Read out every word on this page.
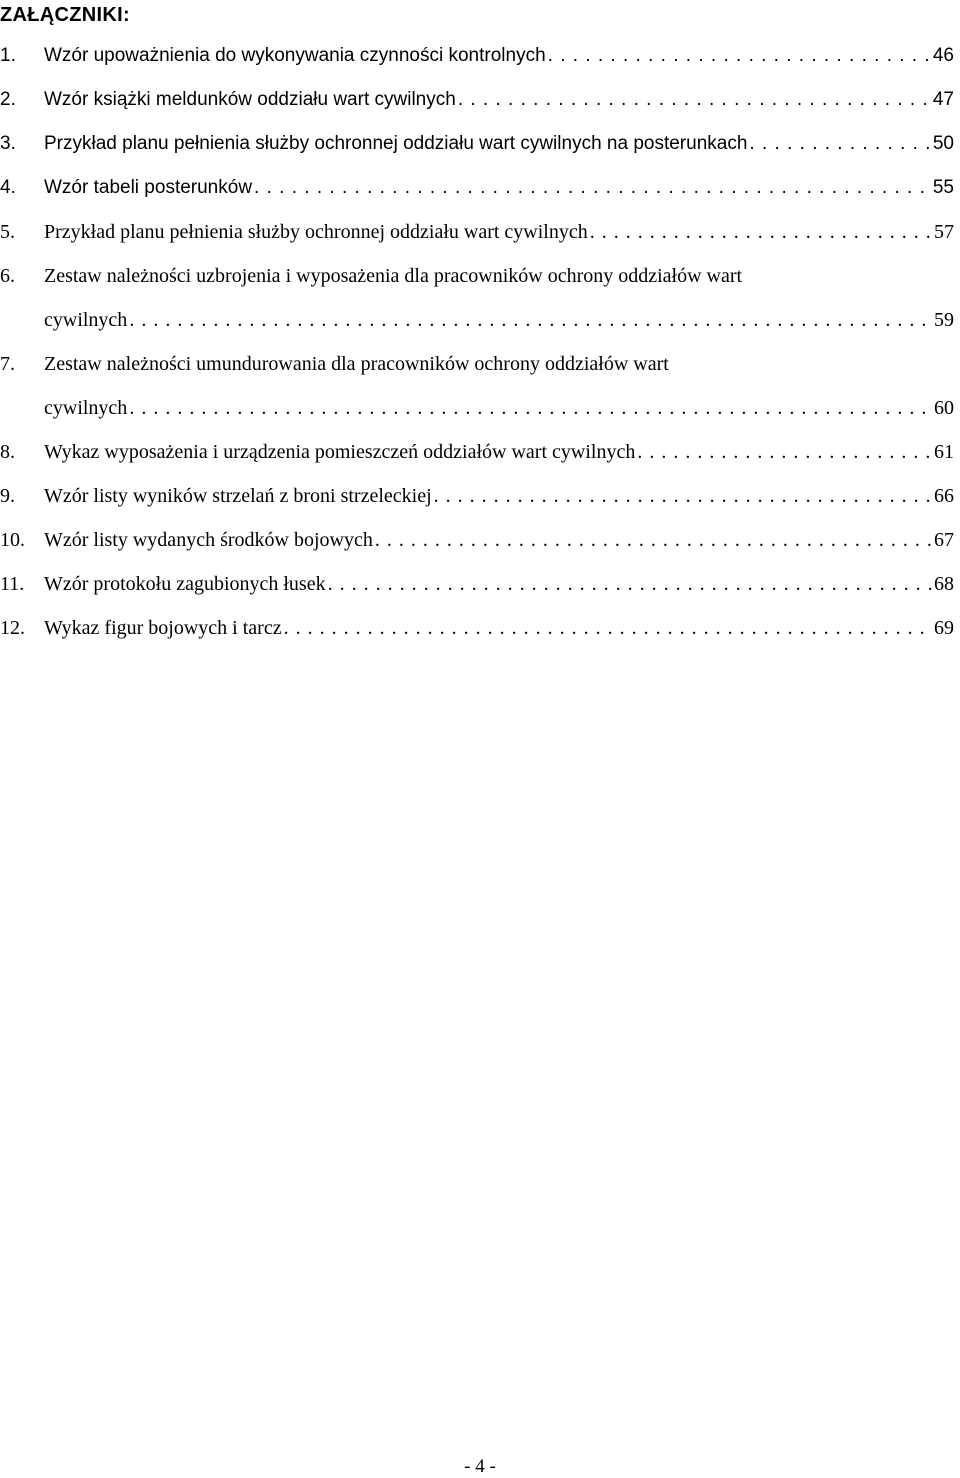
ZAŁĄCZNIKI:
1.	Wzór upoważnienia do wykonywania czynności kontrolnych . . .	46
2.	Wzór książki meldunków oddziału wart cywilnych . . .	47
3.	Przykład planu pełnienia służby ochronnej oddziału wart cywilnych na posterunkach . . .	50
4.	Wzór tabeli posterunków . . .	55
5.	Przykład planu pełnienia służby ochronnej oddziału wart cywilnych . . .	57
6.	Zestaw należności uzbrojenia i wyposażenia dla pracowników ochrony oddziałów wart
cywilnych . . .	59
7.	Zestaw należności umundurowania dla pracowników ochrony oddziałów wart
cywilnych . . .	60
8.	Wykaz wyposażenia i urządzenia pomieszczeń oddziałów wart cywilnych . . .	61
9.	Wzór listy wyników strzelań z broni strzeleckiej . . .	66
10. Wzór listy wydanych środków bojowych . . .	67
11. Wzór protokołu zagubionych łusek . . .	68
12. Wykaz figur bojowych i tarcz . . .	69
- 4 -
